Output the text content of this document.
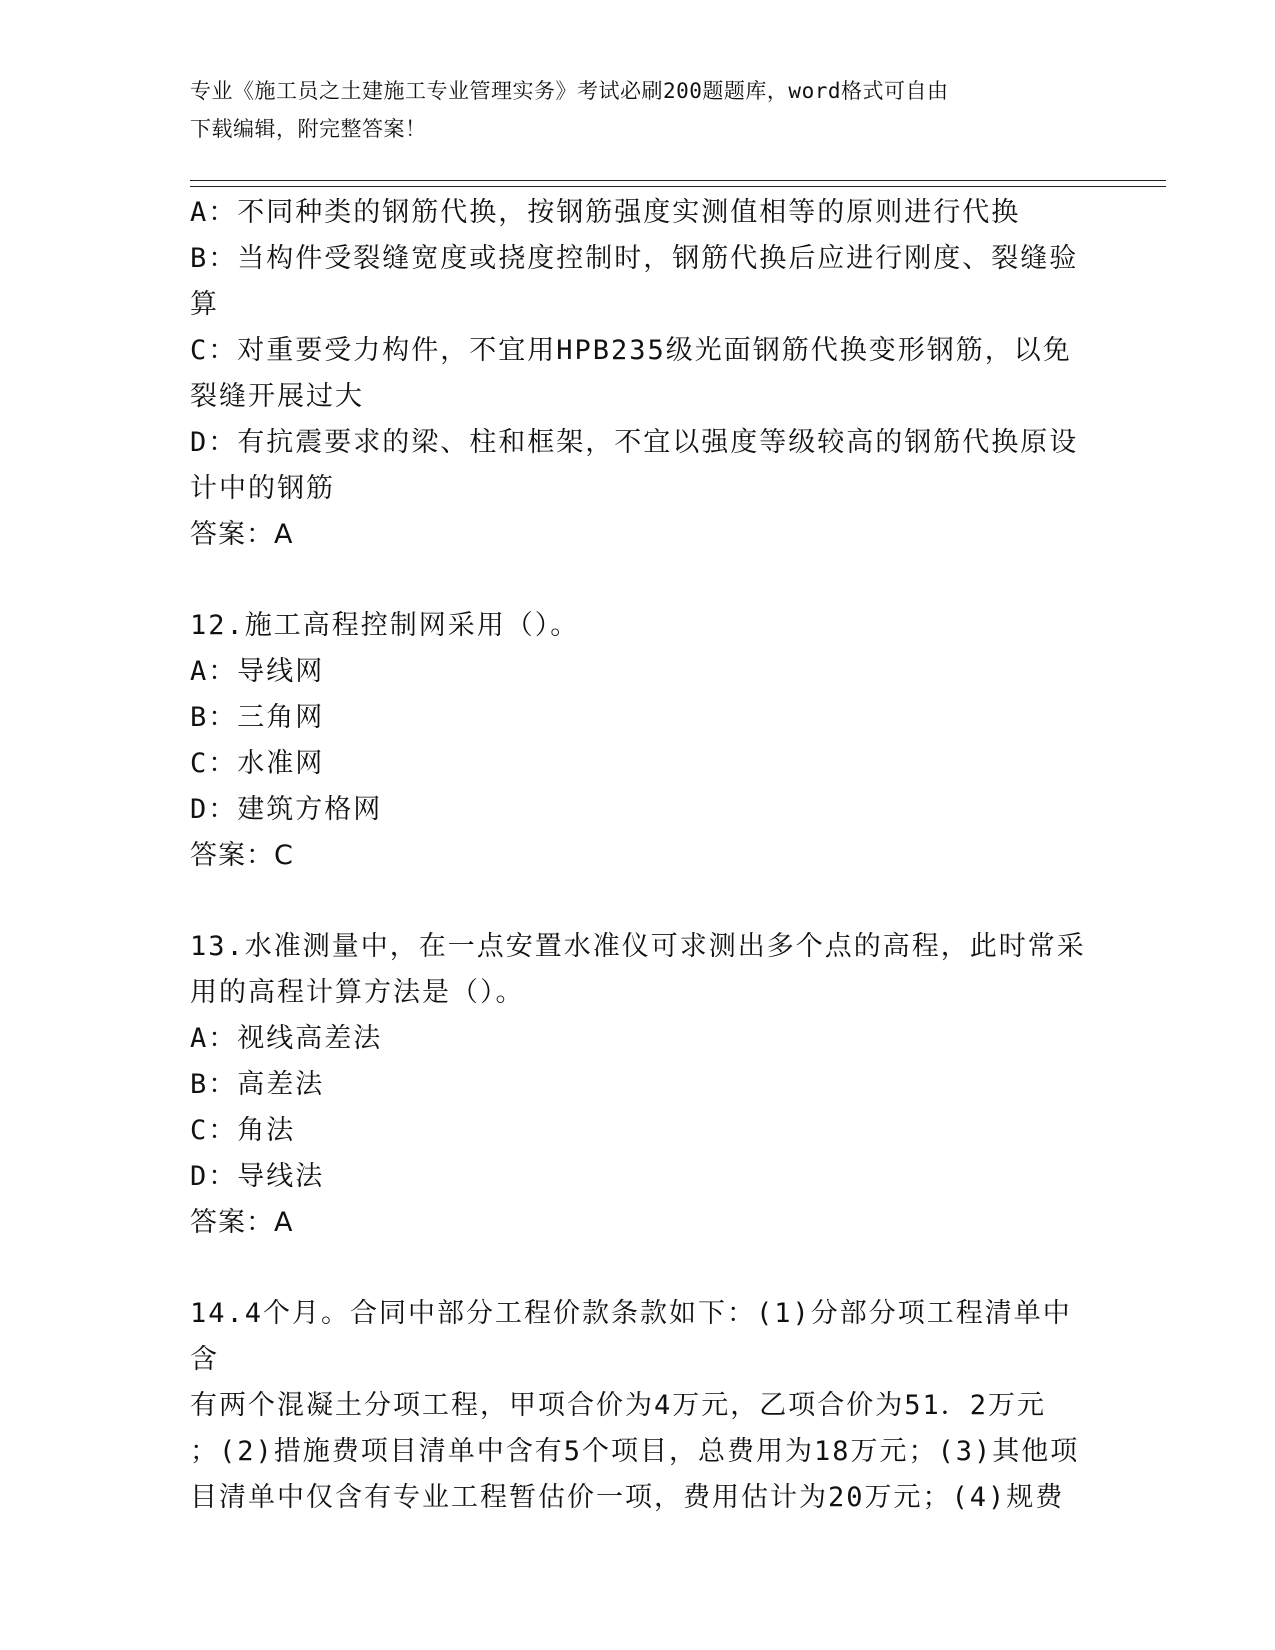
专业《施工员之土建施工专业管理实务》考试必刷200题题库，word格式可自由
下载编辑，附完整答案！
A：不同种类的钢筋代换，按钢筋强度实测值相等的原则进行代换
B：当构件受裂缝宽度或挠度控制时，钢筋代换后应进行刚度、裂缝验
算
C：对重要受力构件，不宜用HPB235级光面钢筋代换变形钢筋，以免
裂缝开展过大
D：有抗震要求的梁、柱和框架，不宜以强度等级较高的钢筋代换原设
计中的钢筋
答案：A
12.施工高程控制网采用（）。
A：导线网
B：三角网
C：水准网
D：建筑方格网
答案：C
13.水准测量中，在一点安置水准仪可求测出多个点的高程，此时常采
用的高程计算方法是（）。
A：视线高差法
B：高差法
C：角法
D：导线法
答案：A
14.4个月。合同中部分工程价款条款如下：(1)分部分项工程清单中含
有两个混凝土分项工程，甲项合价为4万元，乙项合价为51．2万元
；(2)措施费项目清单中含有5个项目，总费用为18万元；(3)其他项
目清单中仅含有专业工程暂估价一项，费用估计为20万元；(4)规费
